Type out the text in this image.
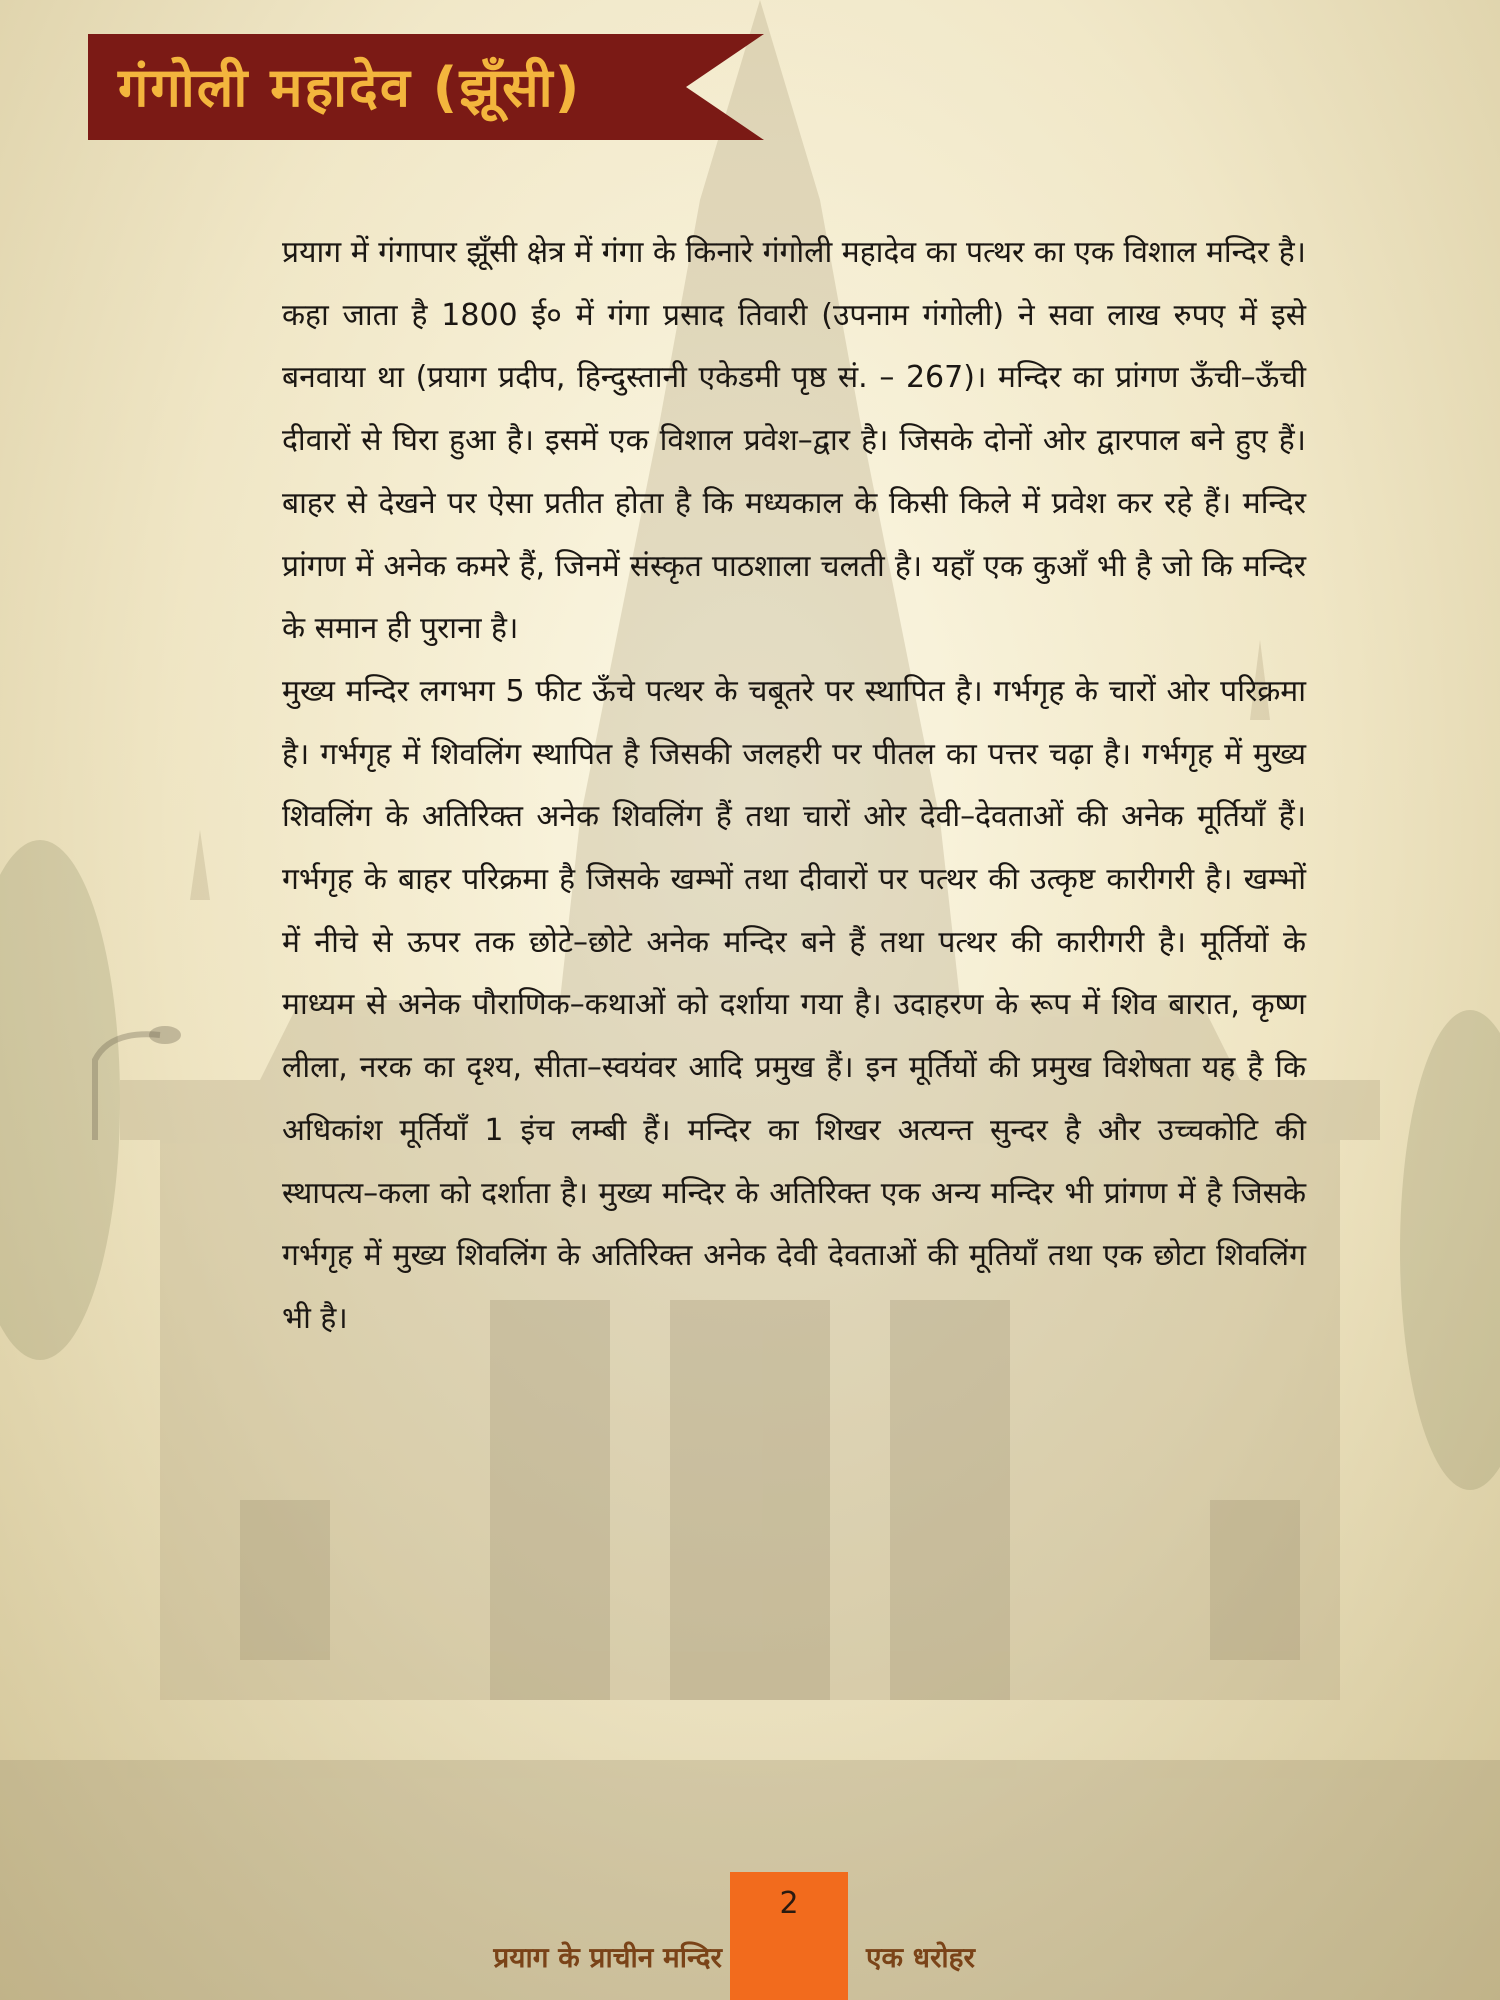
गंगोली महादेव (झूँसी)

प्रयाग में गंगापार झूँसी क्षेत्र में गंगा के किनारे गंगोली महादेव का पत्थर का एक विशाल मन्दिर है। कहा जाता है 1800 ई० में गंगा प्रसाद तिवारी (उपनाम गंगोली) ने सवा लाख रुपए में इसे बनवाया था (प्रयाग प्रदीप, हिन्दुस्तानी एकेडमी पृष्ठ सं. – 267)। मन्दिर का प्रांगण ऊँची–ऊँची दीवारों से घिरा हुआ है। इसमें एक विशाल प्रवेश–द्वार है। जिसके दोनों ओर द्वारपाल बने हुए हैं। बाहर से देखने पर ऐसा प्रतीत होता है कि मध्यकाल के किसी किले में प्रवेश कर रहे हैं। मन्दिर प्रांगण में अनेक कमरे हैं, जिनमें संस्कृत पाठशाला चलती है। यहाँ एक कुआँ भी है जो कि मन्दिर के समान ही पुराना है।

मुख्य मन्दिर लगभग 5 फीट ऊँचे पत्थर के चबूतरे पर स्थापित है। गर्भगृह के चारों ओर परिक्रमा है। गर्भगृह में शिवलिंग स्थापित है जिसकी जलहरी पर पीतल का पत्तर चढ़ा है। गर्भगृह में मुख्य शिवलिंग के अतिरिक्त अनेक शिवलिंग हैं तथा चारों ओर देवी–देवताओं की अनेक मूर्तियाँ हैं। गर्भगृह के बाहर परिक्रमा है जिसके खम्भों तथा दीवारों पर पत्थर की उत्कृष्ट कारीगरी है। खम्भों में नीचे से ऊपर तक छोटे–छोटे अनेक मन्दिर बने हैं तथा पत्थर की कारीगरी है। मूर्तियों के माध्यम से अनेक पौराणिक–कथाओं को दर्शाया गया है। उदाहरण के रूप में शिव बारात, कृष्ण लीला, नरक का दृश्य, सीता–स्वयंवर आदि प्रमुख हैं। इन मूर्तियों की प्रमुख विशेषता यह है कि अधिकांश मूर्तियाँ 1 इंच लम्बी हैं। मन्दिर का शिखर अत्यन्त सुन्दर है और उच्चकोटि की स्थापत्य–कला को दर्शाता है। मुख्य मन्दिर के अतिरिक्त एक अन्य मन्दिर भी प्रांगण में है जिसके गर्भगृह में मुख्य शिवलिंग के अतिरिक्त अनेक देवी देवताओं की मूतियाँ तथा एक छोटा शिवलिंग भी है।

प्रयाग के प्राचीन मन्दिर
2
एक धरोहर
